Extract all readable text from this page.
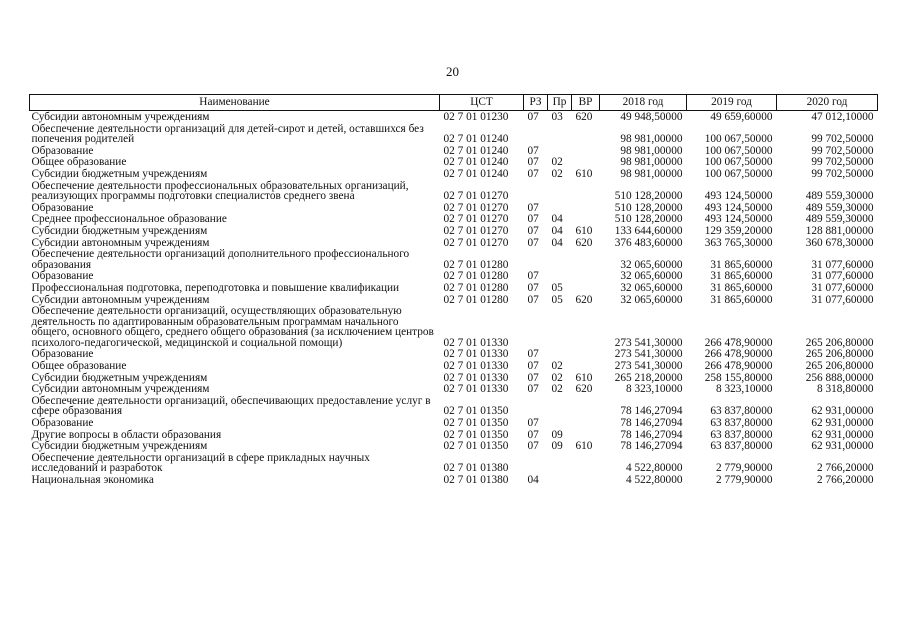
20
Наименование	ЦСТ	РЗ	Пр	ВР	2018 год	2019 год	2020 год
Субсидии автономным учреждениям	02 7 01 01230	07	03	620	49 948,50000	49 659,60000	47 012,10000
Обеспечение деятельности организаций для детей-сирот и детей, оставшихся без попечения родителей	02 7 01 01240				98 981,00000	100 067,50000	99 702,50000
Образование	02 7 01 01240	07			98 981,00000	100 067,50000	99 702,50000
Общее образование	02 7 01 01240	07	02		98 981,00000	100 067,50000	99 702,50000
Субсидии бюджетным учреждениям	02 7 01 01240	07	02	610	98 981,00000	100 067,50000	99 702,50000
Обеспечение деятельности профессиональных образовательных организаций, реализующих программы подготовки специалистов среднего звена	02 7 01 01270				510 128,20000	493 124,50000	489 559,30000
Образование	02 7 01 01270	07			510 128,20000	493 124,50000	489 559,30000
Среднее профессиональное образование	02 7 01 01270	07	04		510 128,20000	493 124,50000	489 559,30000
Субсидии бюджетным учреждениям	02 7 01 01270	07	04	610	133 644,60000	129 359,20000	128 881,00000
Субсидии автономным учреждениям	02 7 01 01270	07	04	620	376 483,60000	363 765,30000	360 678,30000
Обеспечение деятельности организаций дополнительного профессионального образования	02 7 01 01280				32 065,60000	31 865,60000	31 077,60000
Образование	02 7 01 01280	07			32 065,60000	31 865,60000	31 077,60000
Профессиональная подготовка, переподготовка и повышение квалификации	02 7 01 01280	07	05		32 065,60000	31 865,60000	31 077,60000
Субсидии автономным учреждениям	02 7 01 01280	07	05	620	32 065,60000	31 865,60000	31 077,60000
Обеспечение деятельности организаций, осуществляющих образовательную деятельность по адаптированным образовательным программам начального общего, основного общего, среднего общего образования (за исключением центров психолого-педагогической, медицинской и социальной помощи)	02 7 01 01330				273 541,30000	266 478,90000	265 206,80000
Образование	02 7 01 01330	07			273 541,30000	266 478,90000	265 206,80000
Общее образование	02 7 01 01330	07	02		273 541,30000	266 478,90000	265 206,80000
Субсидии бюджетным учреждениям	02 7 01 01330	07	02	610	265 218,20000	258 155,80000	256 888,00000
Субсидии автономным учреждениям	02 7 01 01330	07	02	620	8 323,10000	8 323,10000	8 318,80000
Обеспечение деятельности организаций, обеспечивающих предоставление услуг в сфере образования	02 7 01 01350				78 146,27094	63 837,80000	62 931,00000
Образование	02 7 01 01350	07			78 146,27094	63 837,80000	62 931,00000
Другие вопросы в области образования	02 7 01 01350	07	09		78 146,27094	63 837,80000	62 931,00000
Субсидии бюджетным учреждениям	02 7 01 01350	07	09	610	78 146,27094	63 837,80000	62 931,00000
Обеспечение деятельности организаций в сфере прикладных научных исследований и разработок	02 7 01 01380				4 522,80000	2 779,90000	2 766,20000
Национальная экономика	02 7 01 01380	04			4 522,80000	2 779,90000	2 766,20000
